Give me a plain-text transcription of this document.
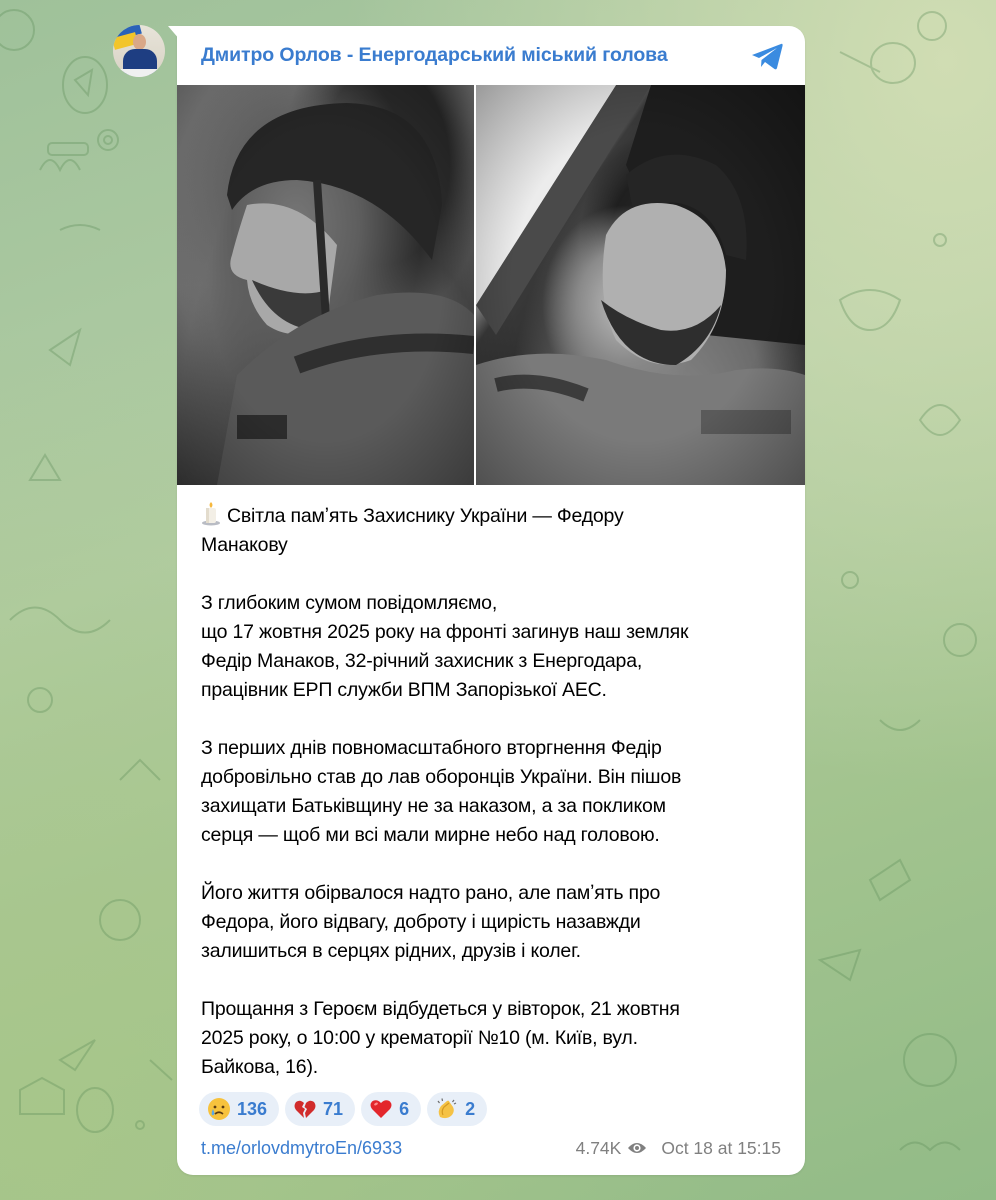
Дмитро Орлов - Енергодарський міський голова

Світла памʼять Захиснику України — Федору
Манакову

З глибоким сумом повідомляємо,
що 17 жовтня 2025 року на фронті загинув наш земляк
Федір Манаков, 32-річний захисник з Енергодара,
працівник ЕРП служби ВПМ Запорізької АЕС.

З перших днів повномасштабного вторгнення Федір
добровільно став до лав оборонців України. Він пішов
захищати Батьківщину не за наказом, а за покликом
серця — щоб ми всі мали мирне небо над головою.

Його життя обірвалося надто рано, але памʼять про
Федора, його відвагу, доброту і щирість назавжди
залишиться в серцях рідних, друзів і колег.

Прощання з Героєм відбудеться у вівторок, 21 жовтня
2025 року, о 10:00 у крематорії №10 (м. Київ, вул.
Байкова, 16).

136	71	6	2
t.me/orlovdmytroEn/6933	4.74K Oct 18 at 15:15
